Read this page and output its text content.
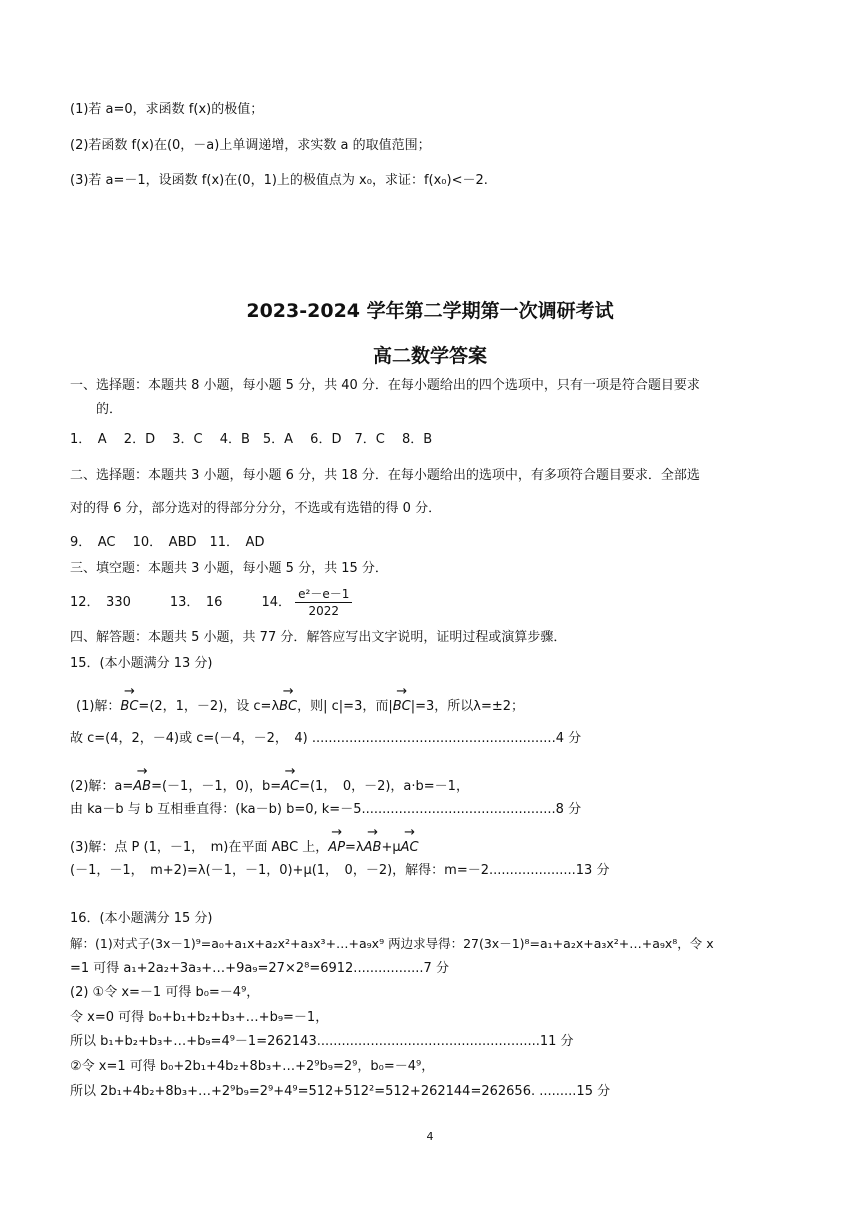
(1)若 a=0，求函数 f(x)的极值；
(2)若函数 f(x)在(0，－a)上单调递增，求实数 a 的取值范围；
(3)若 a=－1，设函数 f(x)在(0，1)上的极值点为 x₀，求证：f(x₀)<－2.
2023-2024 学年第二学期第一次调研考试
高二数学答案
一、选择题：本题共 8 小题，每小题 5 分，共 40 分．在每小题给出的四个选项中，只有一项是符合题目要求
的．
1．　A　 2．D　 3．C　 4．B　5．A　 6．D　7．C　 8．B
二、选择题：本题共 3 小题，每小题 6 分，共 18 分．在每小题给出的选项中，有多项符合题目要求．全部选
对的得 6 分，部分选对的得部分分分，不选或有选错的得 0 分．
9．　AC　 10．　ABD　11．　AD
三、填空题：本题共 3 小题，每小题 5 分，共 15 分．
12．　330　　　13．　16　　　14． $\frac{\text{e²－e－1}}{2022}$
四、解答题：本题共 5 小题，共 77 分．解答应写出文字说明，证明过程或演算步骤．
15．(本小题满分 13 分)
(1)解：→ BC=(2，1，－2)，设 c=λ→ BC，则| c|=3，而|→ BC|=3，所以λ=±2；
故 c=(4，2，－4)或 c=(－4，－2，　4) ...........................................................4 分
(2)解：a=→ AB=(－1，－1，0)，b=→ AC=(1，　0，－2)，a·b=－1，
由 ka－b 与 b 互相垂直得：(ka－b) b=0, k=－5...............................................8 分
(3)解：点 P (1，－1，　m)在平面 ABC 上，→ AP=λ→ AB+μ→ AC
(－1，－1，　m+2)=λ(－1，－1，0)+μ(1，　0，－2)，解得：m=－2.....................13 分
16．(本小题满分 15 分)
解：(1)对式子(3x－1)⁹=a₀+a₁x+a₂x²+a₃x³+…+a₉x⁹ 两边求导得：27(3x－1)⁸=a₁+a₂x+a₃x²+…+a₉x⁸，令 x
=1 可得 a₁+2a₂+3a₃+…+9a₉=27×2⁸=6912.................7 分
(2) ①令 x=－1 可得 b₀=－4⁹，
令 x=0 可得 b₀+b₁+b₂+b₃+…+b₉=－1，
所以 b₁+b₂+b₃+…+b₉=4⁹－1=262143......................................................11 分
②令 x=1 可得 b₀+2b₁+4b₂+8b₃+…+2⁹b₉=2⁹，b₀=－4⁹，
所以 2b₁+4b₂+8b₃+…+2⁹b₉=2⁹+4⁹=512+512²=512+262144=262656. .........15 分
4
